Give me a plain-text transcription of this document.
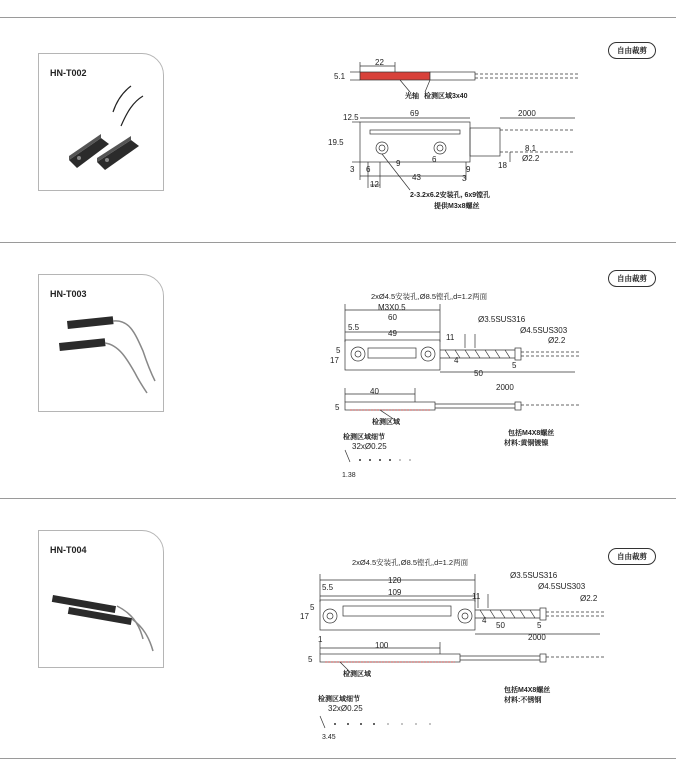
HN-T002
自由裁剪
22
5.1
光轴 检测区域3x40
12.5	69	2000
19.5
9	6
8.1
Ø2.2
3 6
43
9
3
12
18
2-3.2x6.2安装孔, 6x9镗孔
提供M3x8螺丝
HN-T003
自由裁剪
2xØ4.5安装孔,Ø8.5镗孔,d=1.2两面
M3X0.5
60
5.5
49	11
Ø3.5SUS316
Ø4.5SUS303
Ø2.2
17
5
4
5
50
2000
40
5
检测区域
检测区域细节
32xØ0.25
1.38
包括M4X8螺丝
材料:黄铜镀镍
HN-T004
自由裁剪
2xØ4.5安装孔,Ø8.5镗孔,d=1.2两面
120
5.5
109	11
Ø3.5SUS316
Ø4.5SUS303
Ø2.2
17
5
4
5
50
2000
1
100
5
检测区域
检测区域细节
32xØ0.25
3.45
包括M4X8螺丝
材料:不锈钢
